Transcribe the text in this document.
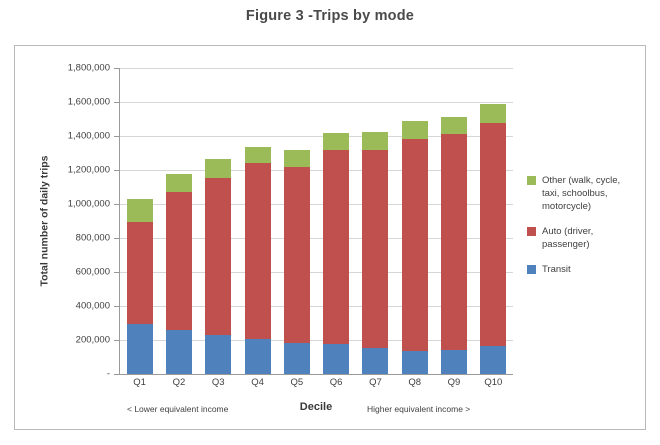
Figure 3 -Trips by mode
Total number of daily trips
-
200,000
400,000
600,000
800,000
1,000,000
1,200,000
1,400,000
1,600,000
1,800,000
Q1	Q2	Q3	Q4	Q5	Q6	Q7	Q8	Q9	Q10
Decile
< Lower equivalent income	Higher equivalent income >
Other (walk, cycle, taxi, schoolbus, motorcycle)
Auto (driver, passenger)
Transit
